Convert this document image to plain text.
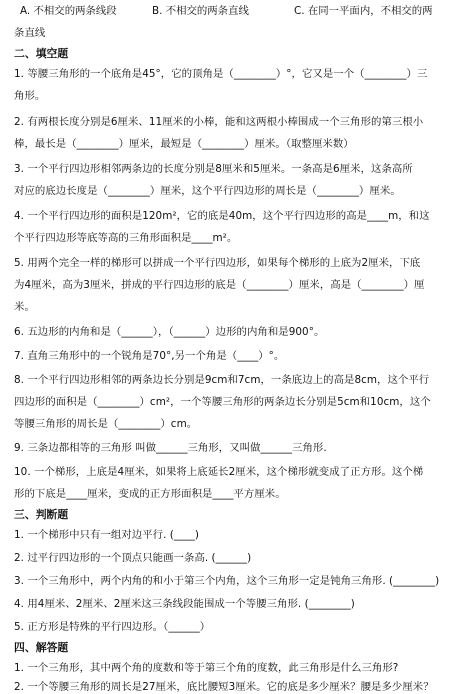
A. 不相交的两条线段	B. 不相交的两条直线	C. 在同一平面内，不相交的两
条直线
二、填空题
1. 等腰三角形的一个底角是45°，它的顶角是（________）°，它又是一个（________）三
角形。
2. 有两根长度分别是6厘米、11厘米的小棒，能和这两根小棒围成一个三角形的第三根小
棒，最长是（________）厘米，最短是（________）厘米。（取整厘米数）
3. 一个平行四边形相邻两条边的长度分别是8厘米和5厘米。一条高是6厘米，这条高所
对应的底边长度是（________）厘米，这个平行四边形的周长是（________）厘米。
4. 一个平行四边形的面积是120m²，它的底是40m，这个平行四边形的高是____m，和这
个平行四边形等底等高的三角形面积是____m²。
5. 用两个完全一样的梯形可以拼成一个平行四边形，如果每个梯形的上底为2厘米，下底
为4厘米，高为3厘米，拼成的平行四边形的底是（________）厘米，高是（________）厘
米。
6. 五边形的内角和是（______），（______）边形的内角和是900°。
7. 直角三角形中的一个锐角是70°,另一个角是（____）°。
8. 一个平行四边形相邻的两条边长分别是9cm和7cm，一条底边上的高是8cm，这个平行
四边形的面积是（________）cm²，一个等腰三角形的两条边长分别是5cm和10cm，这个
等腰三角形的周长是（________）cm。
9. 三条边都相等的三角形 叫做______三角形，又叫做______三角形.
10. 一个梯形，上底是4厘米，如果将上底延长2厘米，这个梯形就变成了正方形。这个梯
形的下底是____厘米，变成的正方形面积是____平方厘米。
三、判断题
1. 一个梯形中只有一组对边平行. (____)
2. 过平行四边形的一个顶点只能画一条高. (______)
3. 一个三角形中，两个内角的和小于第三个内角，这个三角形一定是钝角三角形. (________)
4. 用4厘米、2厘米、2厘米这三条线段能围成一个等腰三角形. (________)
5. 正方形是特殊的平行四边形。（______）
四、解答题
1. 一个三角形，其中两个角的度数和等于第三个角的度数，此三角形是什么三角形?
2. 一个等腰三角形的周长是27厘米，底比腰短3厘米。它的底是多少厘米？腰是多少厘米？
